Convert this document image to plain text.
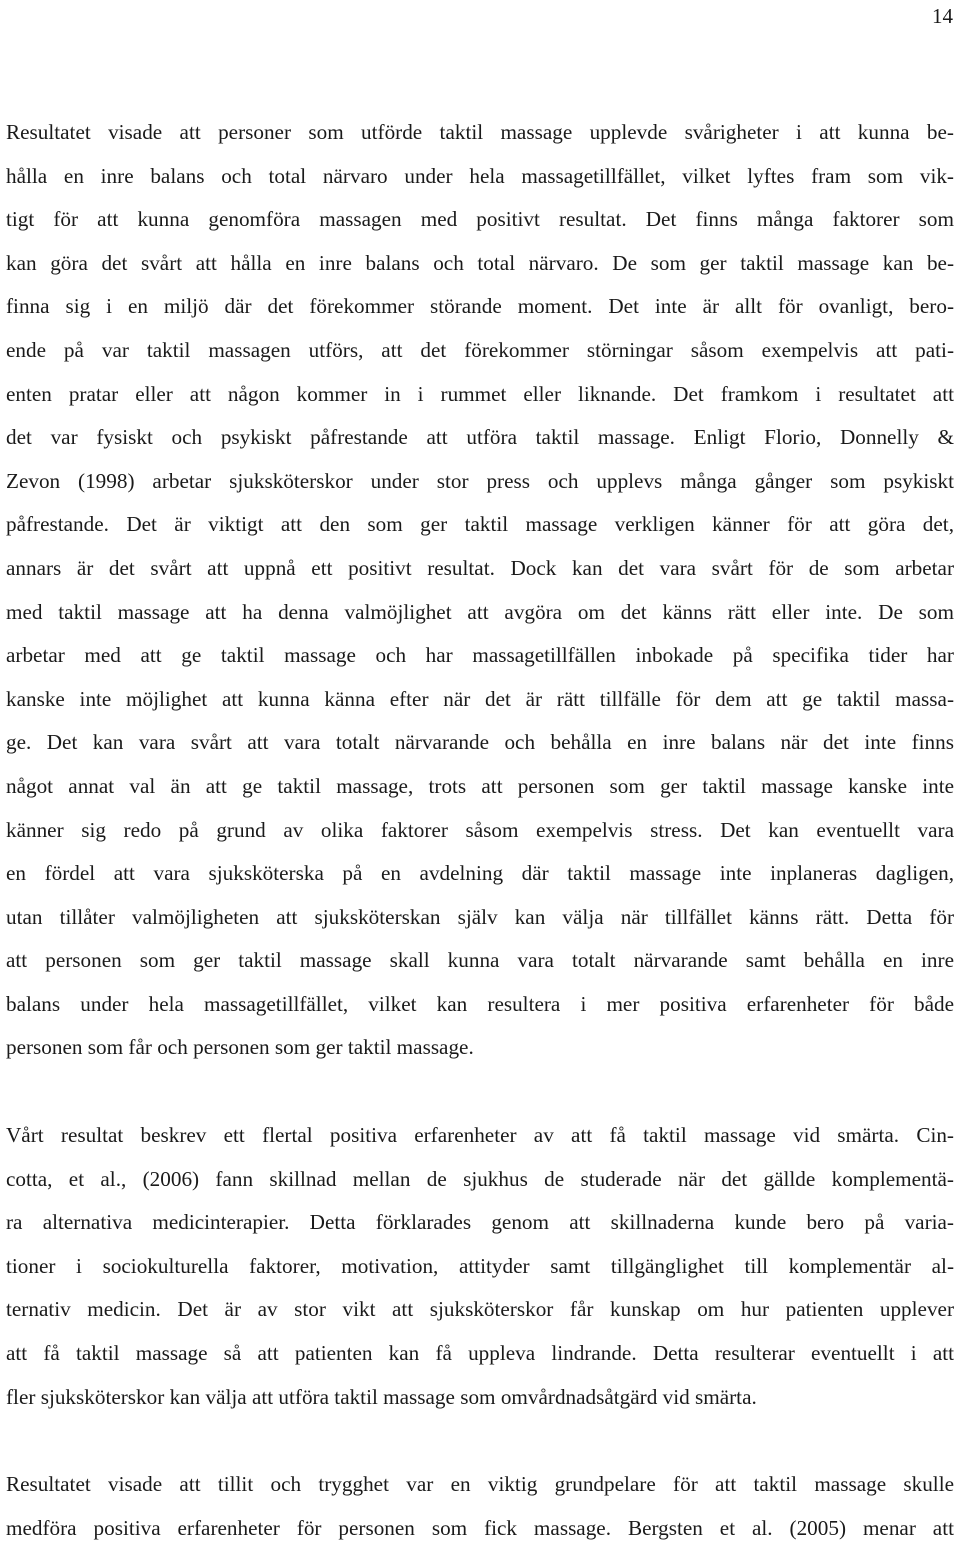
14
Resultatet visade att personer som utförde taktil massage upplevde svårigheter i att kunna be-
hålla en inre balans och total närvaro under hela massagetillfället, vilket lyftes fram som vik-
tigt för att kunna genomföra massagen med positivt resultat. Det finns många faktorer som
kan göra det svårt att hålla en inre balans och total närvaro. De som ger taktil massage kan be-
finna sig i en miljö där det förekommer störande moment. Det inte är allt för ovanligt, bero-
ende på var taktil massagen utförs, att det förekommer störningar såsom exempelvis att pati-
enten pratar eller att någon kommer in i rummet eller liknande. Det framkom i resultatet att
det var fysiskt och psykiskt påfrestande att utföra taktil massage. Enligt Florio, Donnelly &
Zevon (1998) arbetar sjuksköterskor under stor press och upplevs många gånger som psykiskt
påfrestande. Det är viktigt att den som ger taktil massage verkligen känner för att göra det,
annars är det svårt att uppnå ett positivt resultat. Dock kan det vara svårt för de som arbetar
med taktil massage att ha denna valmöjlighet att avgöra om det känns rätt eller inte. De som
arbetar med att ge taktil massage och har massagetillfällen inbokade på specifika tider har
kanske inte möjlighet att kunna känna efter när det är rätt tillfälle för dem att ge taktil massa-
ge. Det kan vara svårt att vara totalt närvarande och behålla en inre balans när det inte finns
något annat val än att ge taktil massage, trots att personen som ger taktil massage kanske inte
känner sig redo på grund av olika faktorer såsom exempelvis stress. Det kan eventuellt vara
en fördel att vara sjuksköterska på en avdelning där taktil massage inte inplaneras dagligen,
utan tillåter valmöjligheten att sjuksköterskan själv kan välja när tillfället känns rätt. Detta för
att personen som ger taktil massage skall kunna vara totalt närvarande samt behålla en inre
balans under hela massagetillfället, vilket kan resultera i mer positiva erfarenheter för både
personen som får och personen som ger taktil massage.
Vårt resultat beskrev ett flertal positiva erfarenheter av att få taktil massage vid smärta. Cin-
cotta, et al., (2006) fann skillnad mellan de sjukhus de studerade när det gällde komplementä-
ra alternativa medicinterapier. Detta förklarades genom att skillnaderna kunde bero på varia-
tioner i sociokulturella faktorer, motivation, attityder samt tillgänglighet till komplementär al-
ternativ medicin. Det är av stor vikt att sjuksköterskor får kunskap om hur patienten upplever
att få taktil massage så att patienten kan få uppleva lindrande. Detta resulterar eventuellt i att
fler sjuksköterskor kan välja att utföra taktil massage som omvårdnadsåtgärd vid smärta.
Resultatet visade att tillit och trygghet var en viktig grundpelare för att taktil massage skulle
medföra positiva erfarenheter för personen som fick massage. Bergsten et al. (2005) menar att
